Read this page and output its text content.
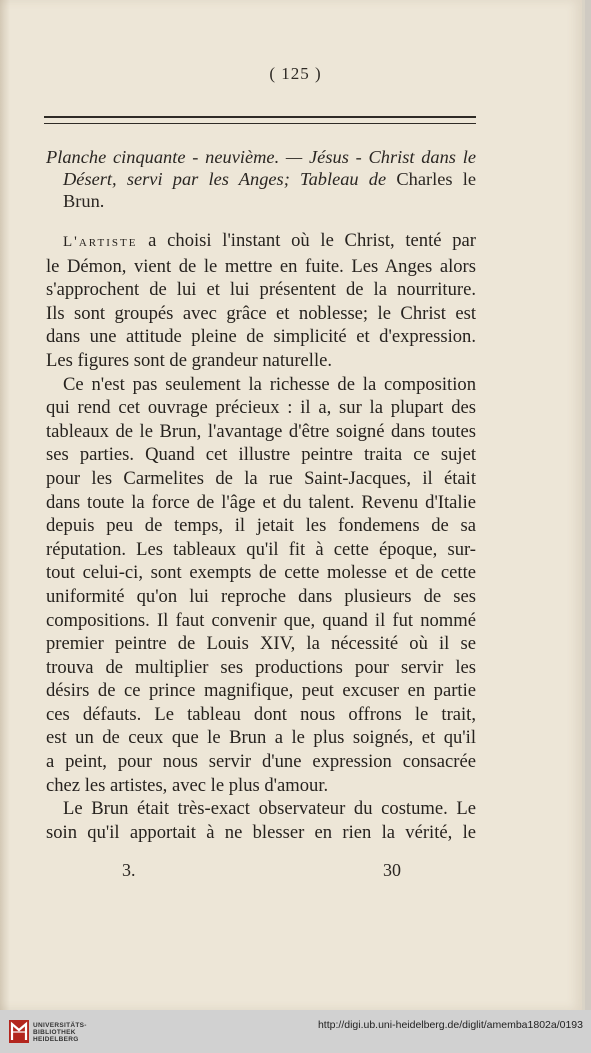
( 125 )

Planche cinquante - neuvième. — Jésus - Christ dans le

Désert, servi par les Anges; Tableau de Charles le

Brun.

L'artiste a choisi l'instant où le Christ, tenté par
le Démon, vient de le mettre en fuite. Les Anges alors
s'approchent de lui et lui présentent de la nourriture.
Ils sont groupés avec grâce et noblesse; le Christ est
dans une attitude pleine de simplicité et d'expression.
Les figures sont de grandeur naturelle.
Ce n'est pas seulement la richesse de la composition
qui rend cet ouvrage précieux : il a, sur la plupart des
tableaux de le Brun, l'avantage d'être soigné dans toutes
ses parties. Quand cet illustre peintre traita ce sujet
pour les Carmelites de la rue Saint-Jacques, il était
dans toute la force de l'âge et du talent. Revenu d'Italie
depuis peu de temps, il jetait les fondemens de sa
réputation. Les tableaux qu'il fit à cette époque, sur-
tout celui-ci, sont exempts de cette molesse et de cette
uniformité qu'on lui reproche dans plusieurs de ses
compositions. Il faut convenir que, quand il fut nommé
premier peintre de Louis XIV, la nécessité où il se
trouva de multiplier ses productions pour servir les
désirs de ce prince magnifique, peut excuser en partie
ces défauts. Le tableau dont nous offrons le trait,
est un de ceux que le Brun a le plus soignés, et qu'il
a peint, pour nous servir d'une expression consacrée
chez les artistes, avec le plus d'amour.
Le Brun était très-exact observateur du costume. Le
soin qu'il apportait à ne blesser en rien la vérité, le
3.	30
UNIVERSITÄTS-
BIBLIOTHEK
HEIDELBERG
http://digi.ub.uni-heidelberg.de/diglit/amemba1802a/0193
